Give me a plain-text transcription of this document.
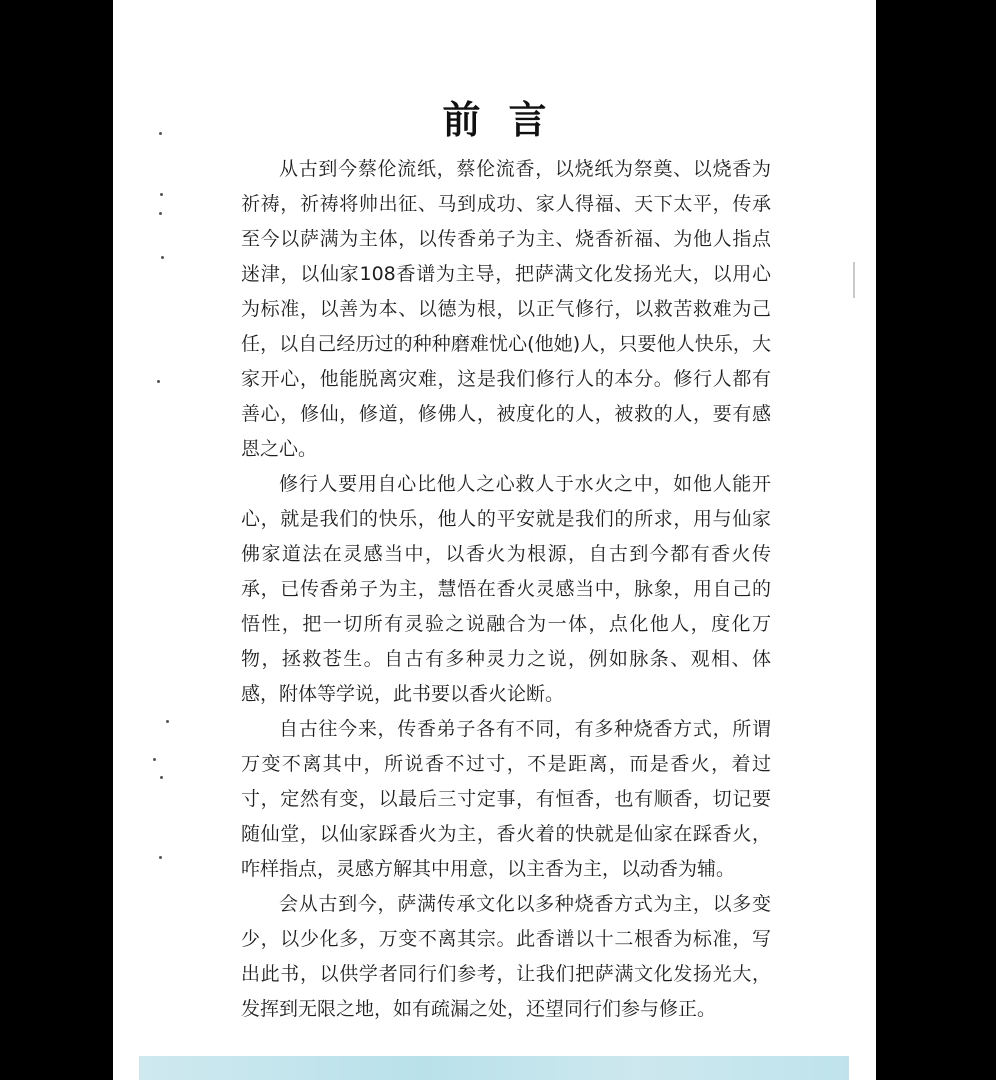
前言

从古到今蔡伦流纸，蔡伦流香，以烧纸为祭奠、以烧香为祈祷，祈祷将帅出征、马到成功、家人得福、天下太平，传承至今以萨满为主体，以传香弟子为主、烧香祈福、为他人指点迷津，以仙家108香谱为主导，把萨满文化发扬光大，以用心为标准，以善为本、以德为根，以正气修行，以救苦救难为己任，以自己经历过的种种磨难忧心(他她)人，只要他人快乐，大家开心，他能脱离灾难，这是我们修行人的本分。修行人都有善心，修仙，修道，修佛人，被度化的人，被救的人，要有感恩之心。

修行人要用自心比他人之心救人于水火之中，如他人能开心，就是我们的快乐，他人的平安就是我们的所求，用与仙家佛家道法在灵感当中，以香火为根源，自古到今都有香火传承，已传香弟子为主，慧悟在香火灵感当中，脉象，用自己的悟性，把一切所有灵验之说融合为一体，点化他人，度化万物，拯救苍生。自古有多种灵力之说，例如脉条、观相、体感，附体等学说，此书要以香火论断。

自古往今来，传香弟子各有不同，有多种烧香方式，所谓万变不离其中，所说香不过寸，不是距离，而是香火，着过寸，定然有变，以最后三寸定事，有恒香，也有顺香，切记要随仙堂，以仙家踩香火为主，香火着的快就是仙家在踩香火，咋样指点，灵感方解其中用意，以主香为主，以动香为辅。

会从古到今，萨满传承文化以多种烧香方式为主，以多变少，以少化多，万变不离其宗。此香谱以十二根香为标准，写出此书，以供学者同行们参考，让我们把萨满文化发扬光大，发挥到无限之地，如有疏漏之处，还望同行们参与修正。
